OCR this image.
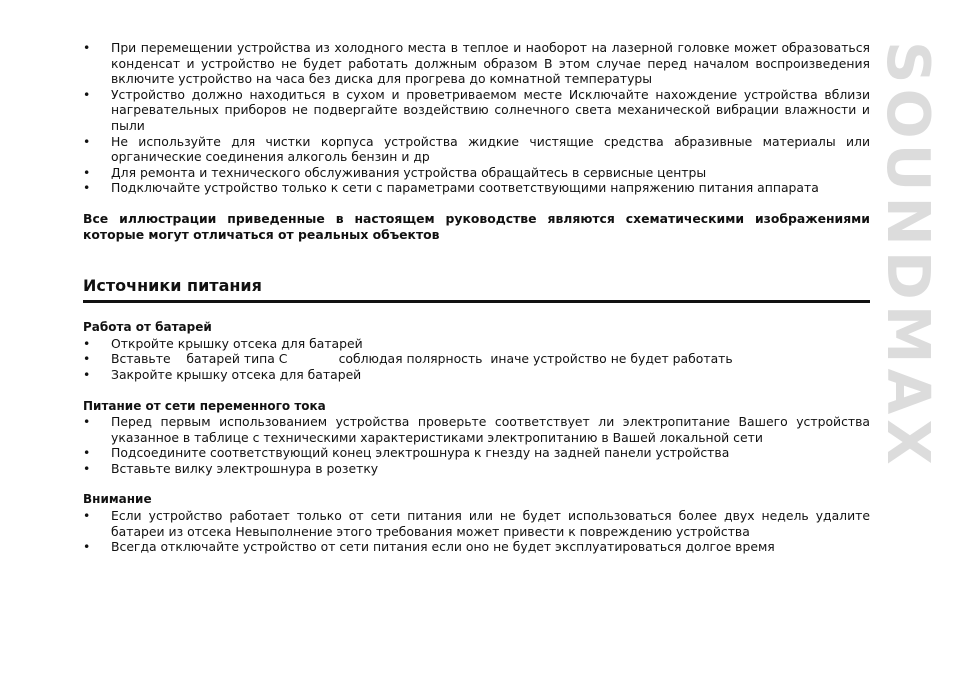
SOUNDMAX
• При перемещении устройства из холодного места в теплое и наоборот на лазерной головке может образоваться конденсат и устройство не будет работать должным образом В этом случае перед началом воспроизведения включите устройство на часа без диска для прогрева до комнатной температуры
• Устройство должно находиться в сухом и проветриваемом месте Исключайте нахождение устройства вблизи нагревательных приборов не подвергайте воздействию солнечного света механической вибрации влажности и пыли
• Не используйте для чистки корпуса устройства жидкие чистящие средства абразивные материалы или органические соединения алкоголь бензин и др
• Для ремонта и технического обслуживания устройства обращайтесь в сервисные центры
• Подключайте устройство только к сети с параметрами соответствующими напряжению питания аппарата
Все иллюстрации приведенные в настоящем руководстве являются схематическими изображениями которые могут отличаться от реальных объектов
Источники питания
Работа от батарей
• Откройте крышку отсека для батарей
• Вставьте    батарей типа C             соблюдая полярность  иначе устройство не будет работать
• Закройте крышку отсека для батарей
Питание от сети переменного тока
• Перед первым использованием устройства проверьте соответствует ли электропитание Вашего устройства указанное в таблице с техническими характеристиками электропитанию в Вашей локальной сети
• Подсоедините соответствующий конец электрошнура к гнезду на задней панели устройства
• Вставьте вилку электрошнура в розетку
Внимание
• Если устройство работает только от сети питания или не будет использоваться более двух недель удалите батареи из отсека Невыполнение этого требования может привести к повреждению устройства
• Всегда отключайте устройство от сети питания если оно не будет эксплуатироваться долгое время
